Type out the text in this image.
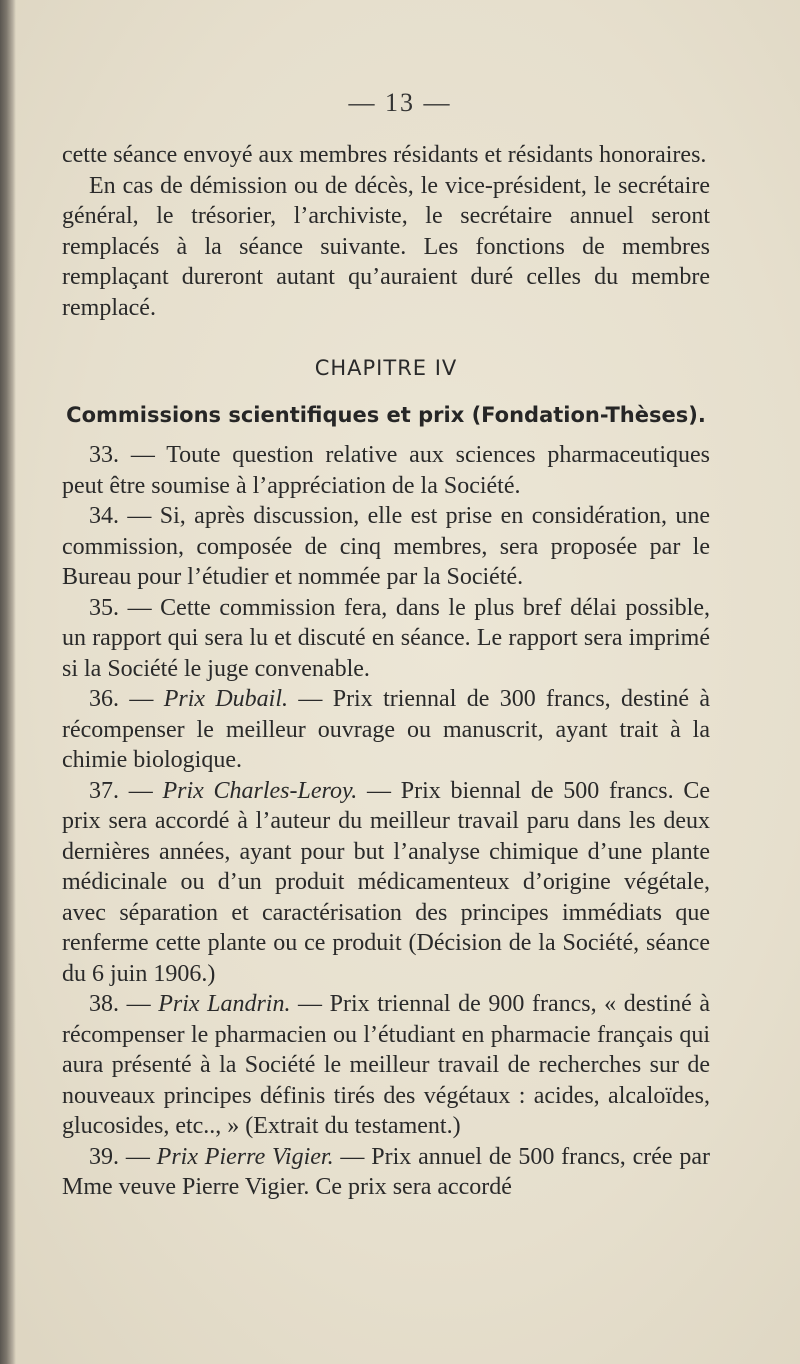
— 13 —

cette séance envoyé aux membres résidants et résidants honoraires.

En cas de démission ou de décès, le vice-président, le secrétaire général, le trésorier, l’archiviste, le secrétaire annuel seront remplacés à la séance suivante. Les fonctions de membres remplaçant dureront autant qu’auraient duré celles du membre remplacé.

CHAPITRE IV
Commissions scientifiques et prix (Fondation-Thèses).

33. — Toute question relative aux sciences pharmaceutiques peut être soumise à l’appréciation de la Société.

34. — Si, après discussion, elle est prise en considération, une commission, composée de cinq membres, sera proposée par le Bureau pour l’étudier et nommée par la Société.

35. — Cette commission fera, dans le plus bref délai possible, un rapport qui sera lu et discuté en séance. Le rapport sera imprimé si la Société le juge convenable.

36. — Prix Dubail. — Prix triennal de 300 francs, destiné à récompenser le meilleur ouvrage ou manuscrit, ayant trait à la chimie biologique.

37. — Prix Charles-Leroy. — Prix biennal de 500 francs. Ce prix sera accordé à l’auteur du meilleur travail paru dans les deux dernières années, ayant pour but l’analyse chimique d’une plante médicinale ou d’un produit médicamenteux d’origine végétale, avec séparation et caractérisation des principes immédiats que renferme cette plante ou ce produit (Décision de la Société, séance du 6 juin 1906.)

38. — Prix Landrin. — Prix triennal de 900 francs, « destiné à récompenser le pharmacien ou l’étudiant en pharmacie français qui aura présenté à la Société le meilleur travail de recherches sur de nouveaux principes définis tirés des végétaux : acides, alcaloïdes, glucosides, etc.., » (Extrait du testament.)

39. — Prix Pierre Vigier. — Prix annuel de 500 francs, crée par Mme veuve Pierre Vigier. Ce prix sera accordé
